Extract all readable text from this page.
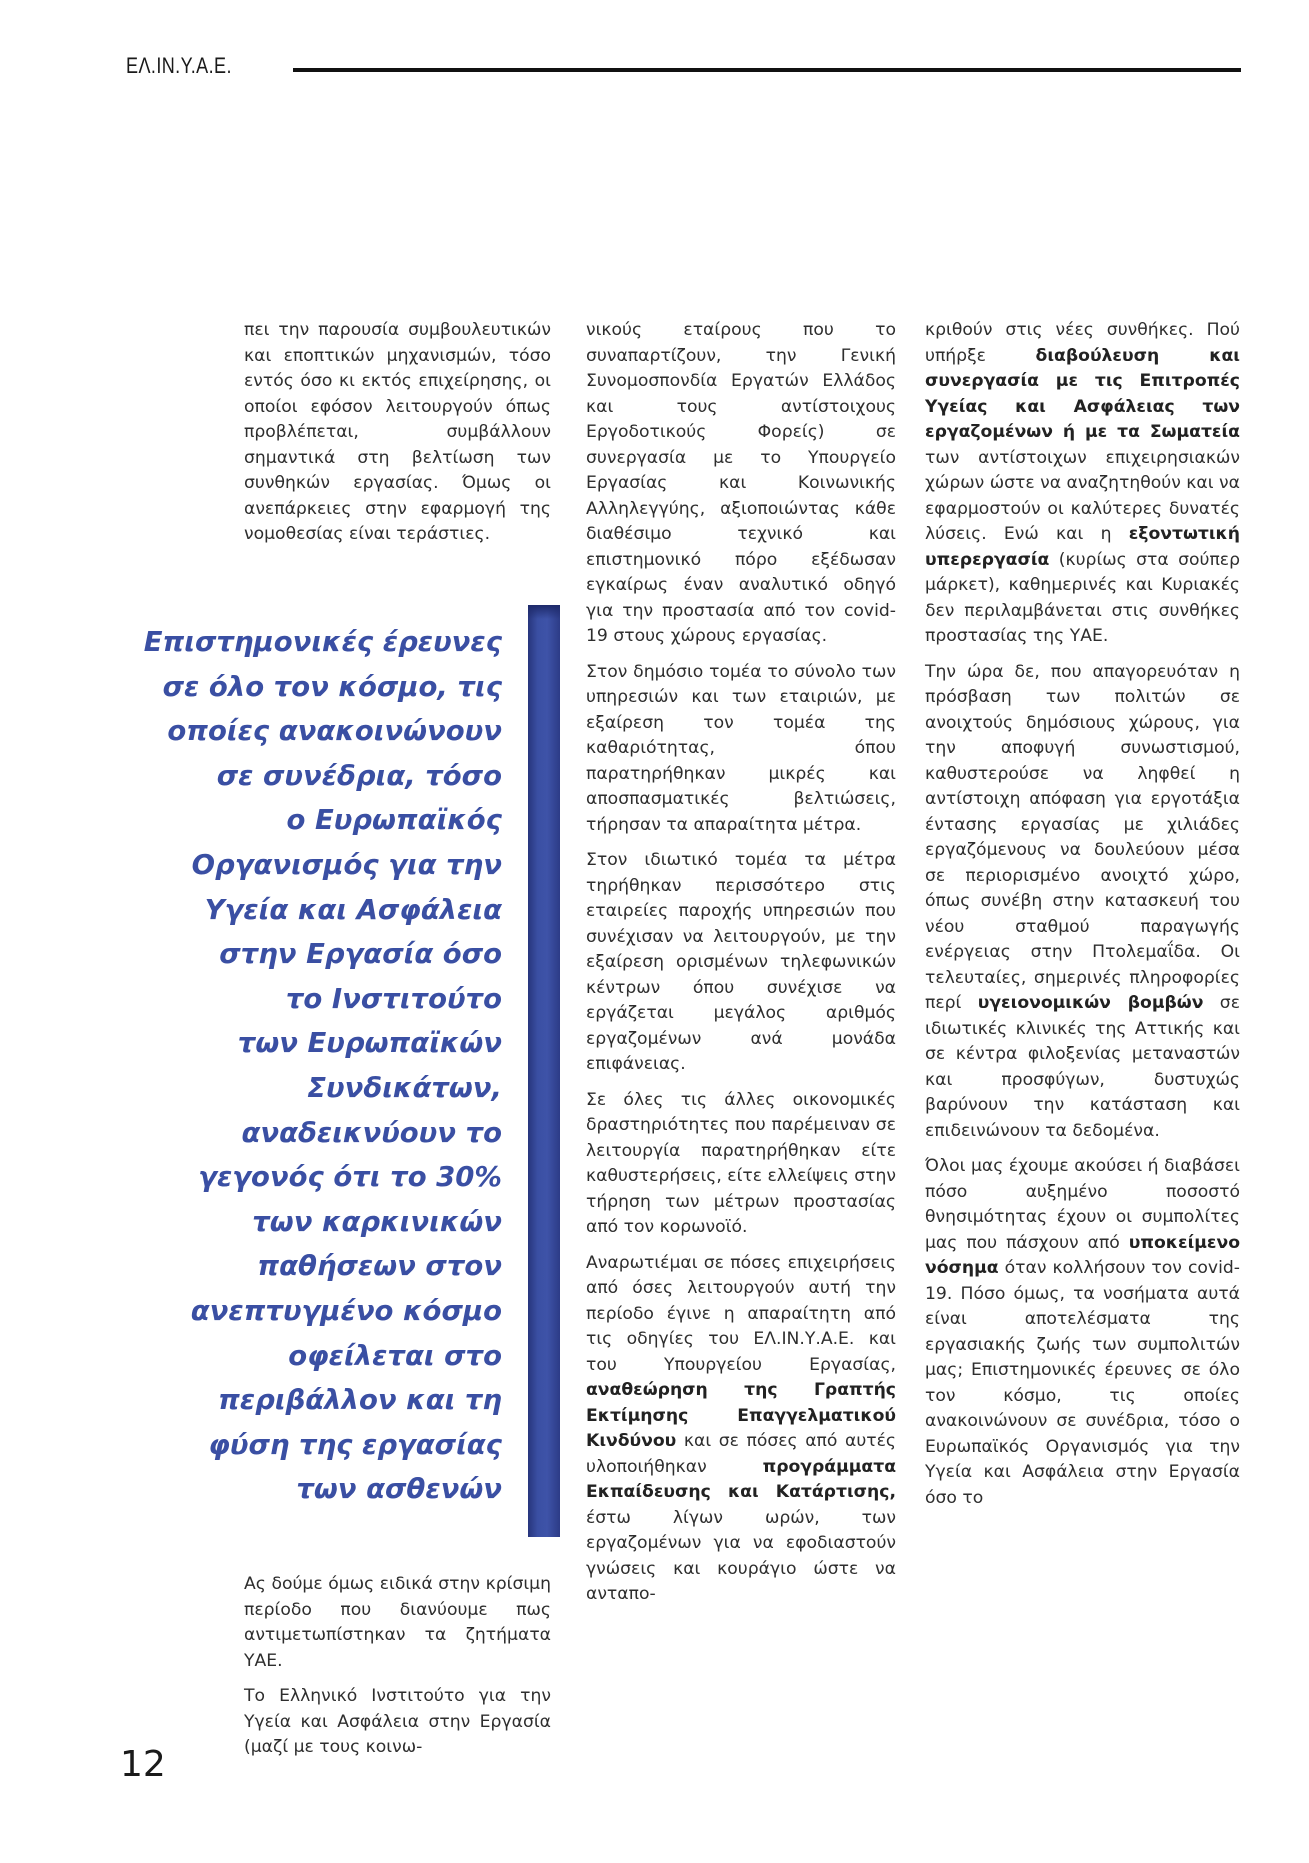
ΕΛ.ΙΝ.Υ.Α.Ε.

πει την παρουσία συμβουλευτικών και εποπτικών μηχανισμών, τόσο εντός όσο κι εκτός επιχείρησης, οι οποίοι εφόσον λειτουργούν όπως προβλέπεται, συμβάλλουν σημαντικά στη βελτίωση των συνθηκών εργασίας. Όμως οι ανεπάρκειες στην εφαρμογή της νομοθεσίας είναι τεράστιες.

Επιστημονικές έρευνες
σε όλο τον κόσμο, τις
οποίες ανακοινώνουν
σε συνέδρια, τόσο
ο Ευρωπαϊκός
Οργανισμός για την
Υγεία και Ασφάλεια
στην Εργασία όσο
το Ινστιτούτο
των Ευρωπαϊκών
Συνδικάτων,
αναδεικνύουν το
γεγονός ότι το 30%
των καρκινικών
παθήσεων στον
ανεπτυγμένο κόσμο
οφείλεται στο
περιβάλλον και τη
φύση της εργασίας
των ασθενών

Ας δούμε όμως ειδικά στην κρίσιμη περίοδο που διανύουμε πως αντιμετωπίστηκαν τα ζητήματα ΥΑΕ.

Το Ελληνικό Ινστιτούτο για την Υγεία και Ασφάλεια στην Εργασία (μαζί με τους κοινω-

νικούς εταίρους που το συναπαρτίζουν, την Γενική Συνομοσπονδία Εργατών Ελλάδος και τους αντίστοιχους Εργοδοτικούς Φορείς) σε συνεργασία με το Υπουργείο Εργασίας και Κοινωνικής Αλληλεγγύης, αξιοποιώντας κάθε διαθέσιμο τεχνικό και επιστημονικό πόρο εξέδωσαν εγκαίρως έναν αναλυτικό οδηγό για την προστασία από τον covid-19 στους χώρους εργασίας.

Στον δημόσιο τομέα το σύνολο των υπηρεσιών και των εταιριών, με εξαίρεση τον τομέα της καθαριότητας, όπου παρατηρήθηκαν μικρές και αποσπασματικές βελτιώσεις, τήρησαν τα απαραίτητα μέτρα.

Στον ιδιωτικό τομέα τα μέτρα τηρήθηκαν περισσότερο στις εταιρείες παροχής υπηρεσιών που συνέχισαν να λειτουργούν, με την εξαίρεση ορισμένων τηλεφωνικών κέντρων όπου συνέχισε να εργάζεται μεγάλος αριθμός εργαζομένων ανά μονάδα επιφάνειας.

Σε όλες τις άλλες οικονομικές δραστηριότητες που παρέμειναν σε λειτουργία παρατηρήθηκαν είτε καθυστερήσεις, είτε ελλείψεις στην τήρηση των μέτρων προστασίας από τον κορωνοϊό.

Αναρωτιέμαι σε πόσες επιχειρήσεις από όσες λειτουργούν αυτή την περίοδο έγινε η απαραίτητη από τις οδηγίες του ΕΛ.ΙΝ.Υ.Α.Ε. και του Υπουργείου Εργασίας, αναθεώρηση της Γραπτής Εκτίμησης Επαγγελματικού Κινδύνου και σε πόσες από αυτές υλοποιήθηκαν προγράμματα Εκπαίδευσης και Κατάρτισης, έστω λίγων ωρών, των εργαζομένων για να εφοδιαστούν γνώσεις και κουράγιο ώστε να ανταπο-

κριθούν στις νέες συνθήκες. Πού υπήρξε διαβούλευση και συνεργασία με τις Επιτροπές Υγείας και Ασφάλειας των εργαζομένων ή με τα Σωματεία των αντίστοιχων επιχειρησιακών χώρων ώστε να αναζητηθούν και να εφαρμοστούν οι καλύτερες δυνατές λύσεις. Ενώ και η εξοντωτική υπερεργασία (κυρίως στα σούπερ μάρκετ), καθημερινές και Κυριακές δεν περιλαμβάνεται στις συνθήκες προστασίας της ΥΑΕ.

Την ώρα δε, που απαγορευόταν η πρόσβαση των πολιτών σε ανοιχτούς δημόσιους χώρους, για την αποφυγή συνωστισμού, καθυστερούσε να ληφθεί η αντίστοιχη απόφαση για εργοτάξια έντασης εργασίας με χιλιάδες εργαζόμενους να δουλεύουν μέσα σε περιορισμένο ανοιχτό χώρο, όπως συνέβη στην κατασκευή του νέου σταθμού παραγωγής ενέργειας στην Πτολεμαΐδα. Οι τελευταίες, σημερινές πληροφορίες περί υγειονομικών βομβών σε ιδιωτικές κλινικές της Αττικής και σε κέντρα φιλοξενίας μεταναστών και προσφύγων, δυστυχώς βαρύνουν την κατάσταση και επιδεινώνουν τα δεδομένα.

Όλοι μας έχουμε ακούσει ή διαβάσει πόσο αυξημένο ποσοστό θνησιμότητας έχουν οι συμπολίτες μας που πάσχουν από υποκείμενο νόσημα όταν κολλήσουν τον covid- 19. Πόσο όμως, τα νοσήματα αυτά είναι αποτελέσματα της εργασιακής ζωής των συμπολιτών μας; Επιστημονικές έρευνες σε όλο τον κόσμο, τις οποίες ανακοινώνουν σε συνέδρια, τόσο ο Ευρωπαϊκός Οργανισμός για την Υγεία και Ασφάλεια στην Εργασία όσο το

12
